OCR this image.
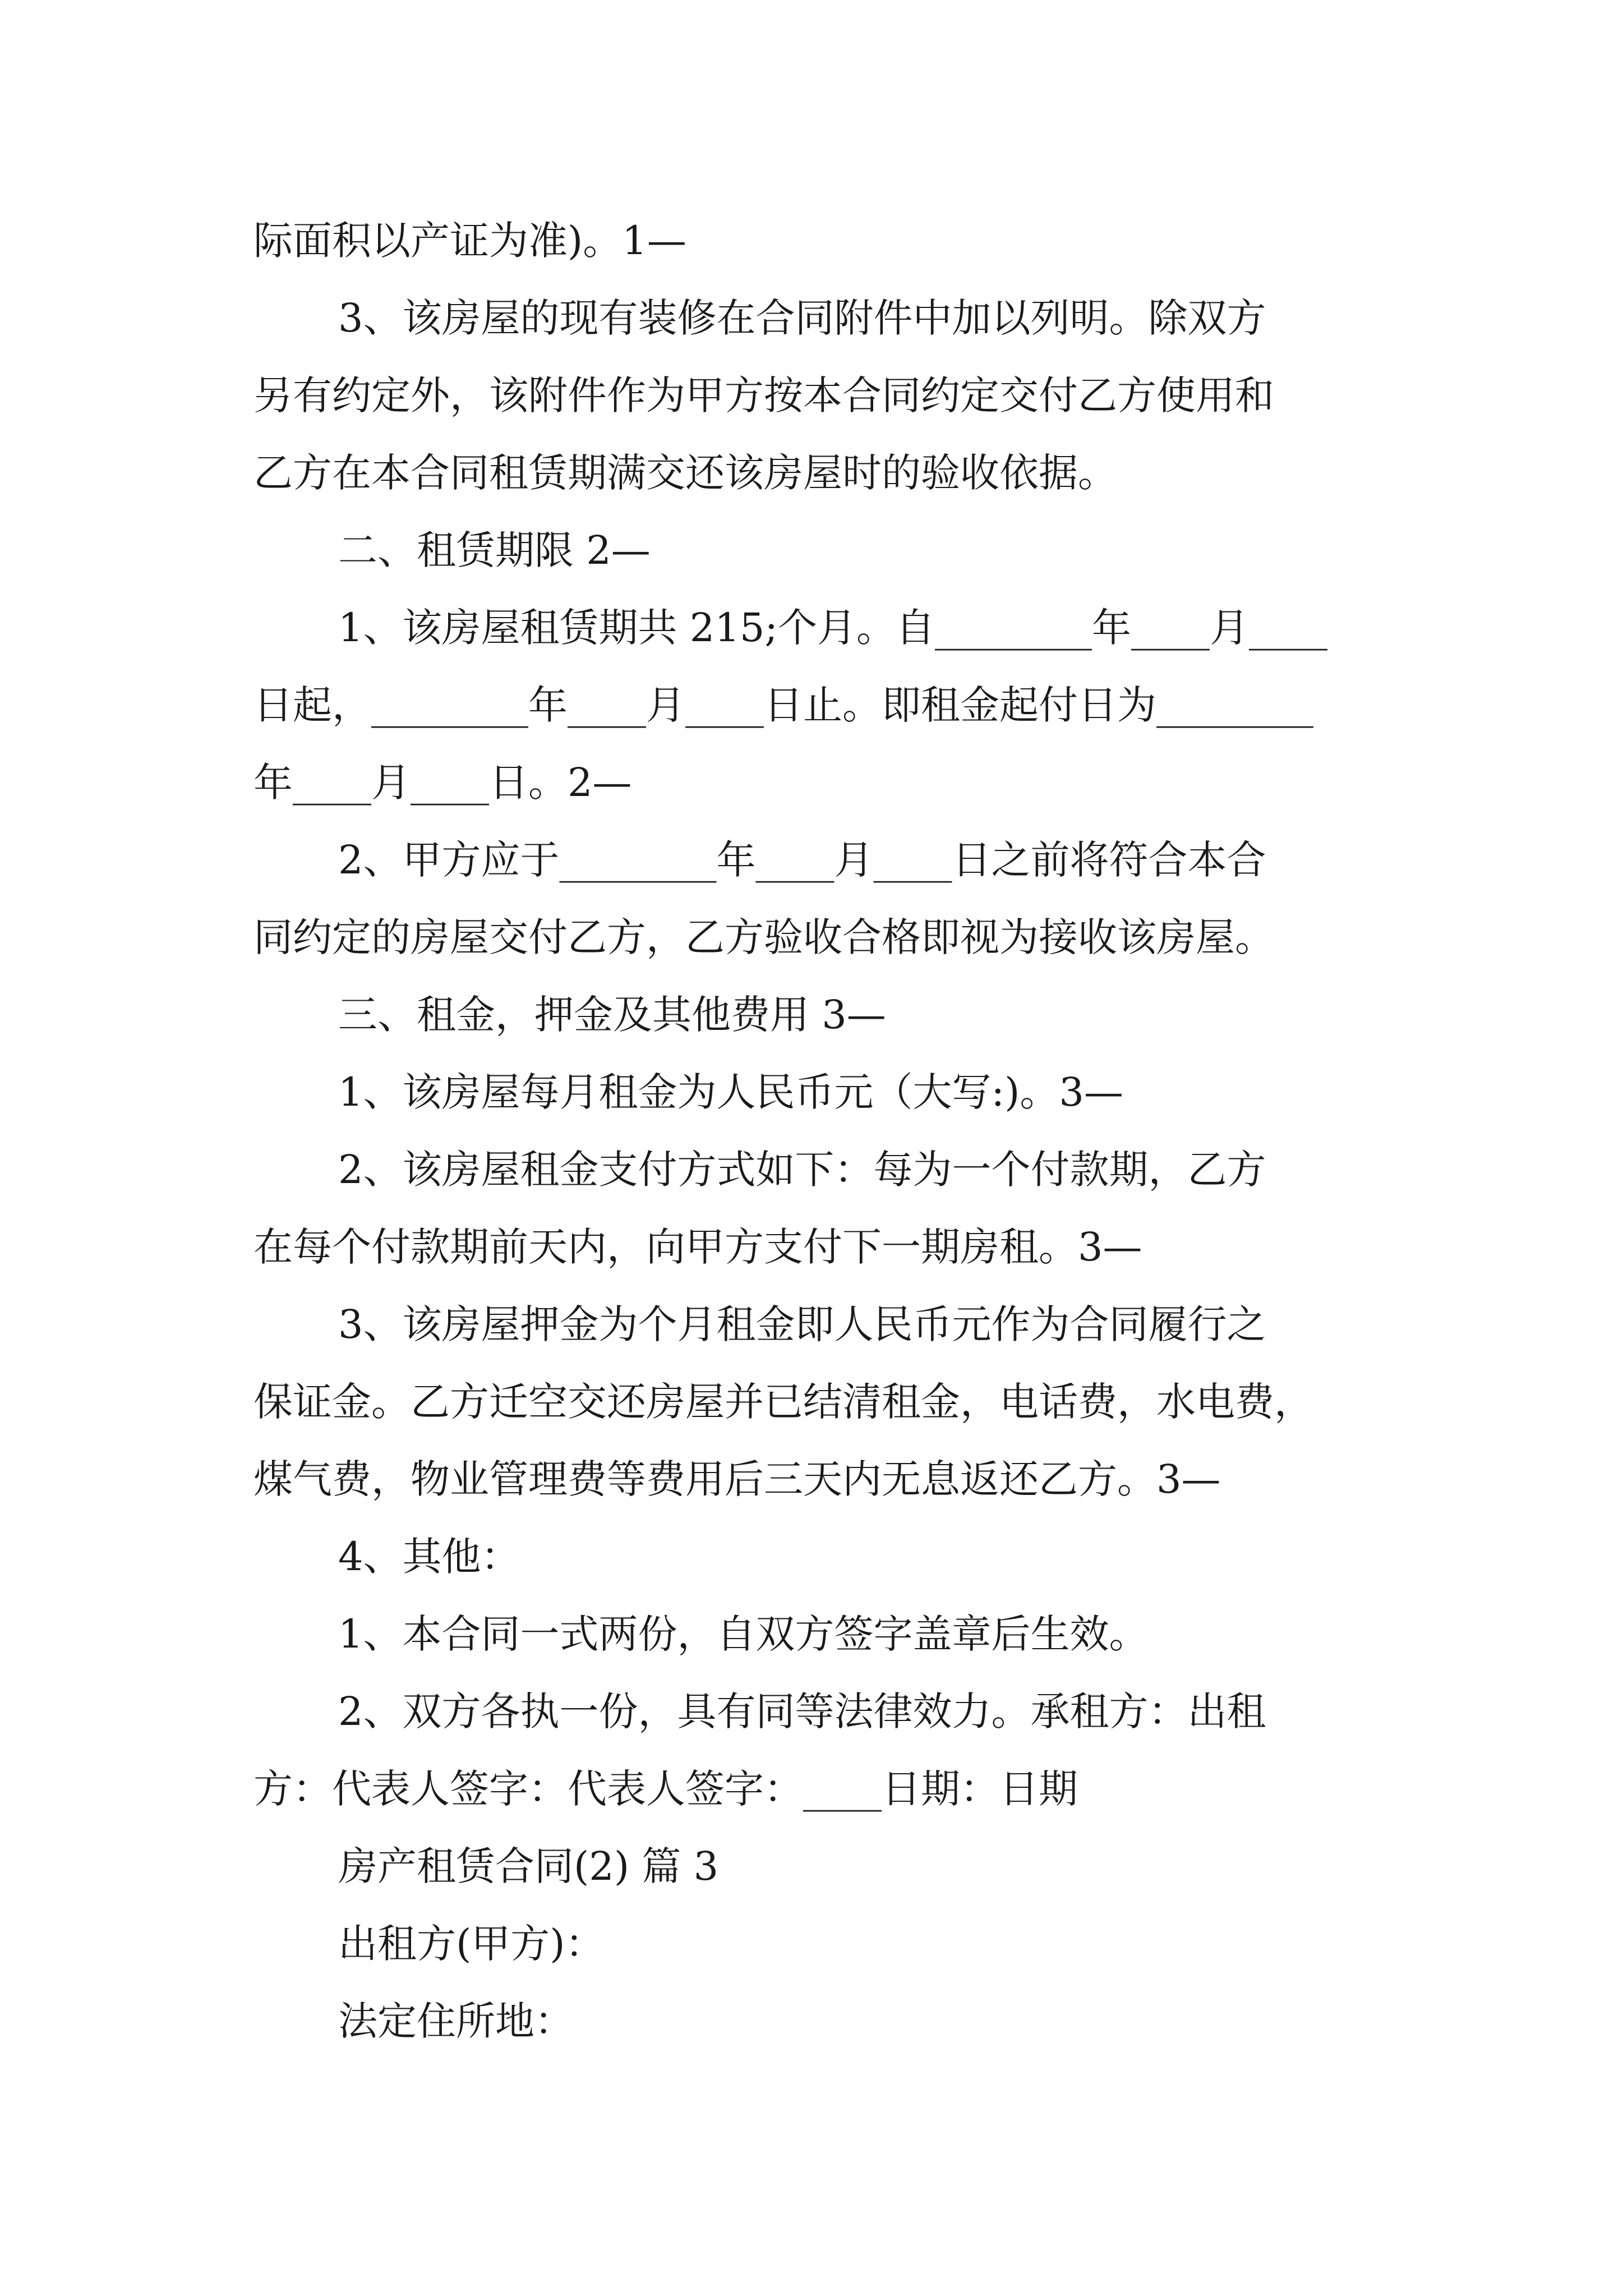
际面积以产证为准)。1—
3、该房屋的现有装修在合同附件中加以列明。除双方
另有约定外，该附件作为甲方按本合同约定交付乙方使用和
乙方在本合同租赁期满交还该房屋时的验收依据。
二、租赁期限 2—
1、该房屋租赁期共 215;个月。自________年____月____
日起，________年____月____日止。即租金起付日为________
年____月____日。2—
2、甲方应于________年____月____日之前将符合本合
同约定的房屋交付乙方，乙方验收合格即视为接收该房屋。
三、租金，押金及其他费用 3—
1、该房屋每月租金为人民币元（大写:)。3—
2、该房屋租金支付方式如下：每为一个付款期，乙方
在每个付款期前天内，向甲方支付下一期房租。3—
3、该房屋押金为个月租金即人民币元作为合同履行之
保证金。乙方迁空交还房屋并已结清租金，电话费，水电费，
煤气费，物业管理费等费用后三天内无息返还乙方。3—
4、其他：
1、本合同一式两份，自双方签字盖章后生效。
2、双方各执一份，具有同等法律效力。承租方：出租
方：代表人签字：代表人签字：____日期：日期
房产租赁合同(2) 篇 3
出租方(甲方)：
法定住所地：
